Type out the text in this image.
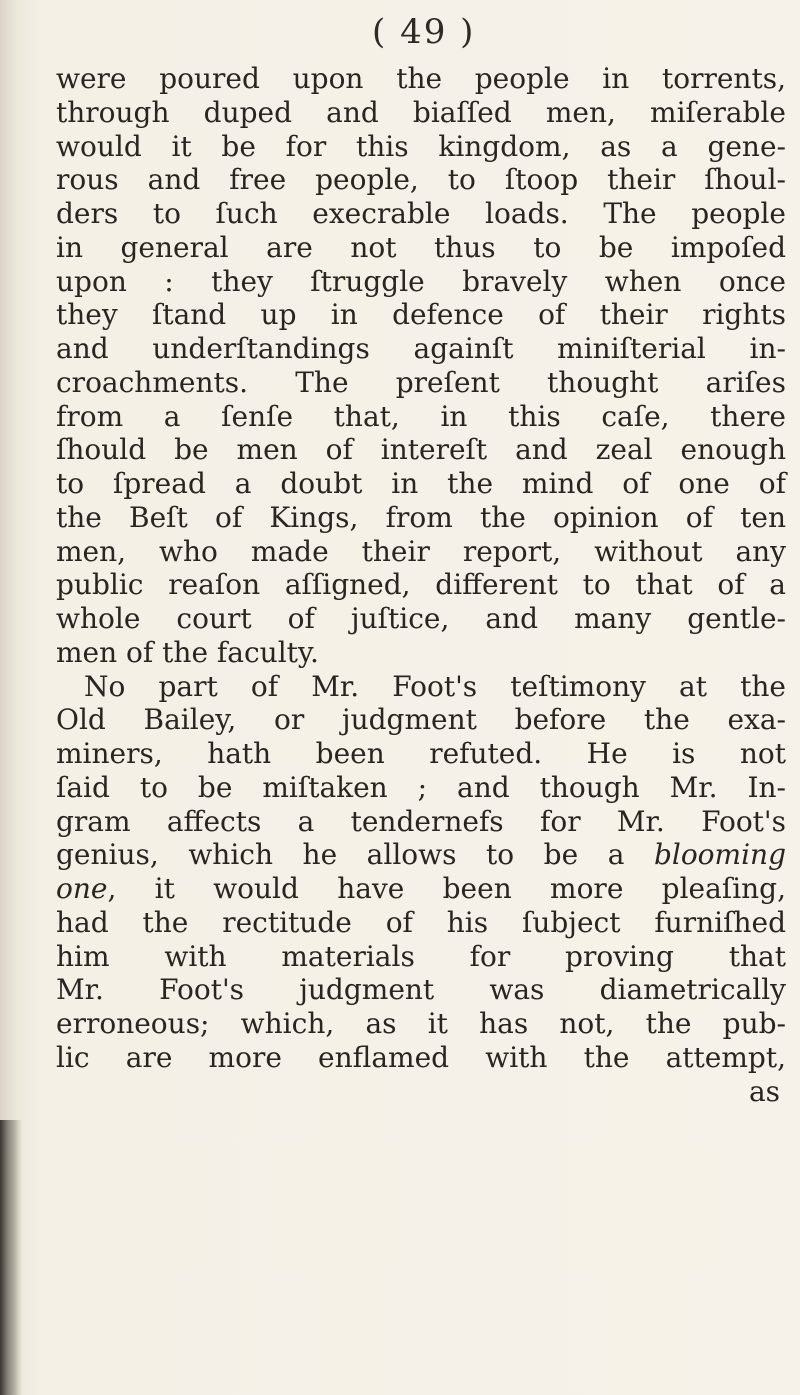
( 49 )
were poured upon the people in torrents,
through duped and biaſſed men, miſerable
would it be for this kingdom, as a gene-
rous and free people, to ſtoop their ſhoul-
ders to ſuch execrable loads. The people
in general are not thus to be impoſed
upon : they ſtruggle bravely when once
they ſtand up in defence of their rights
and underſtandings againſt miniſterial in-
croachments. The preſent thought ariſes
from a ſenſe that, in this caſe, there
ſhould be men of intereſt and zeal enough
to ſpread a doubt in the mind of one of
the Beſt of Kings, from the opinion of ten
men, who made their report, without any
public reaſon aſſigned, different to that of a
whole court of juſtice, and many gentle-
men of the faculty.
No part of Mr. Foot's teſtimony at the
Old Bailey, or judgment before the exa-
miners, hath been refuted. He is not
ſaid to be miſtaken ; and though Mr. In-
gram affects a tendernefs for Mr. Foot's
genius, which he allows to be a blooming
one, it would have been more pleaſing,
had the rectitude of his ſubject furniſhed
him with materials for proving that
Mr. Foot's judgment was diametrically
erroneous; which, as it has not, the pub-
lic are more enflamed with the attempt,
as
